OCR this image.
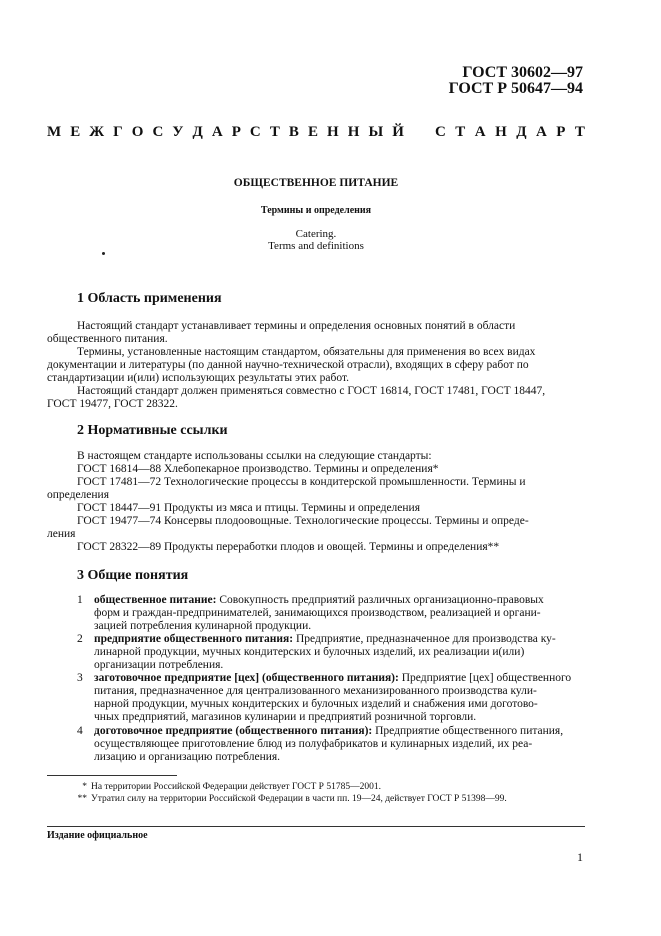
ГОСТ 30602—97
ГОСТ Р 50647—94
М Е Ж Г О С У Д А Р С Т В Е Н Н Ы Й С Т А Н Д А Р Т
ОБЩЕСТВЕННОЕ ПИТАНИЕ
Термины и определения
Catering.
Terms and definitions
1 Область применения
Настоящий стандарт устанавливает термины и определения основных понятий в области
общественного питания.
Термины, установленные настоящим стандартом, обязательны для применения во всех видах
документации и литературы (по данной научно-технической отрасли), входящих в сферу работ по
стандартизации и(или) использующих результаты этих работ.
Настоящий стандарт должен применяться совместно с ГОСТ 16814, ГОСТ 17481, ГОСТ 18447,
ГОСТ 19477, ГОСТ 28322.
2 Нормативные ссылки
В настоящем стандарте использованы ссылки на следующие стандарты:
ГОСТ 16814—88 Хлебопекарное производство. Термины и определения*
ГОСТ 17481—72 Технологические процессы в кондитерской промышленности. Термины и
определения
ГОСТ 18447—91 Продукты из мяса и птицы. Термины и определения
ГОСТ 19477—74 Консервы плодоовощные. Технологические процессы. Термины и опреде-
ления
ГОСТ 28322—89 Продукты переработки плодов и овощей. Термины и определения**
3 Общие понятия
1 общественное питание: Совокупность предприятий различных организационно-правовых
форм и граждан-предпринимателей, занимающихся производством, реализацией и органи-
зацией потребления кулинарной продукции.
2 предприятие общественного питания: Предприятие, предназначенное для производства ку-
линарной продукции, мучных кондитерских и булочных изделий, их реализации и(или)
организации потребления.
3 заготовочное предприятие [цех] (общественного питания): Предприятие [цех] общественного
питания, предназначенное для централизованного механизированного производства кули-
нарной продукции, мучных кондитерских и булочных изделий и снабжения ими доготово-
чных предприятий, магазинов кулинарии и предприятий розничной торговли.
4 доготовочное предприятие (общественного питания): Предприятие общественного питания,
осуществляющее приготовление блюд из полуфабрикатов и кулинарных изделий, их реа-
лизацию и организацию потребления.
* На территории Российской Федерации действует ГОСТ Р 51785—2001.
** Утратил силу на территории Российской Федерации в части пп. 19—24, действует ГОСТ Р 51398—99.
Издание официальное
1
